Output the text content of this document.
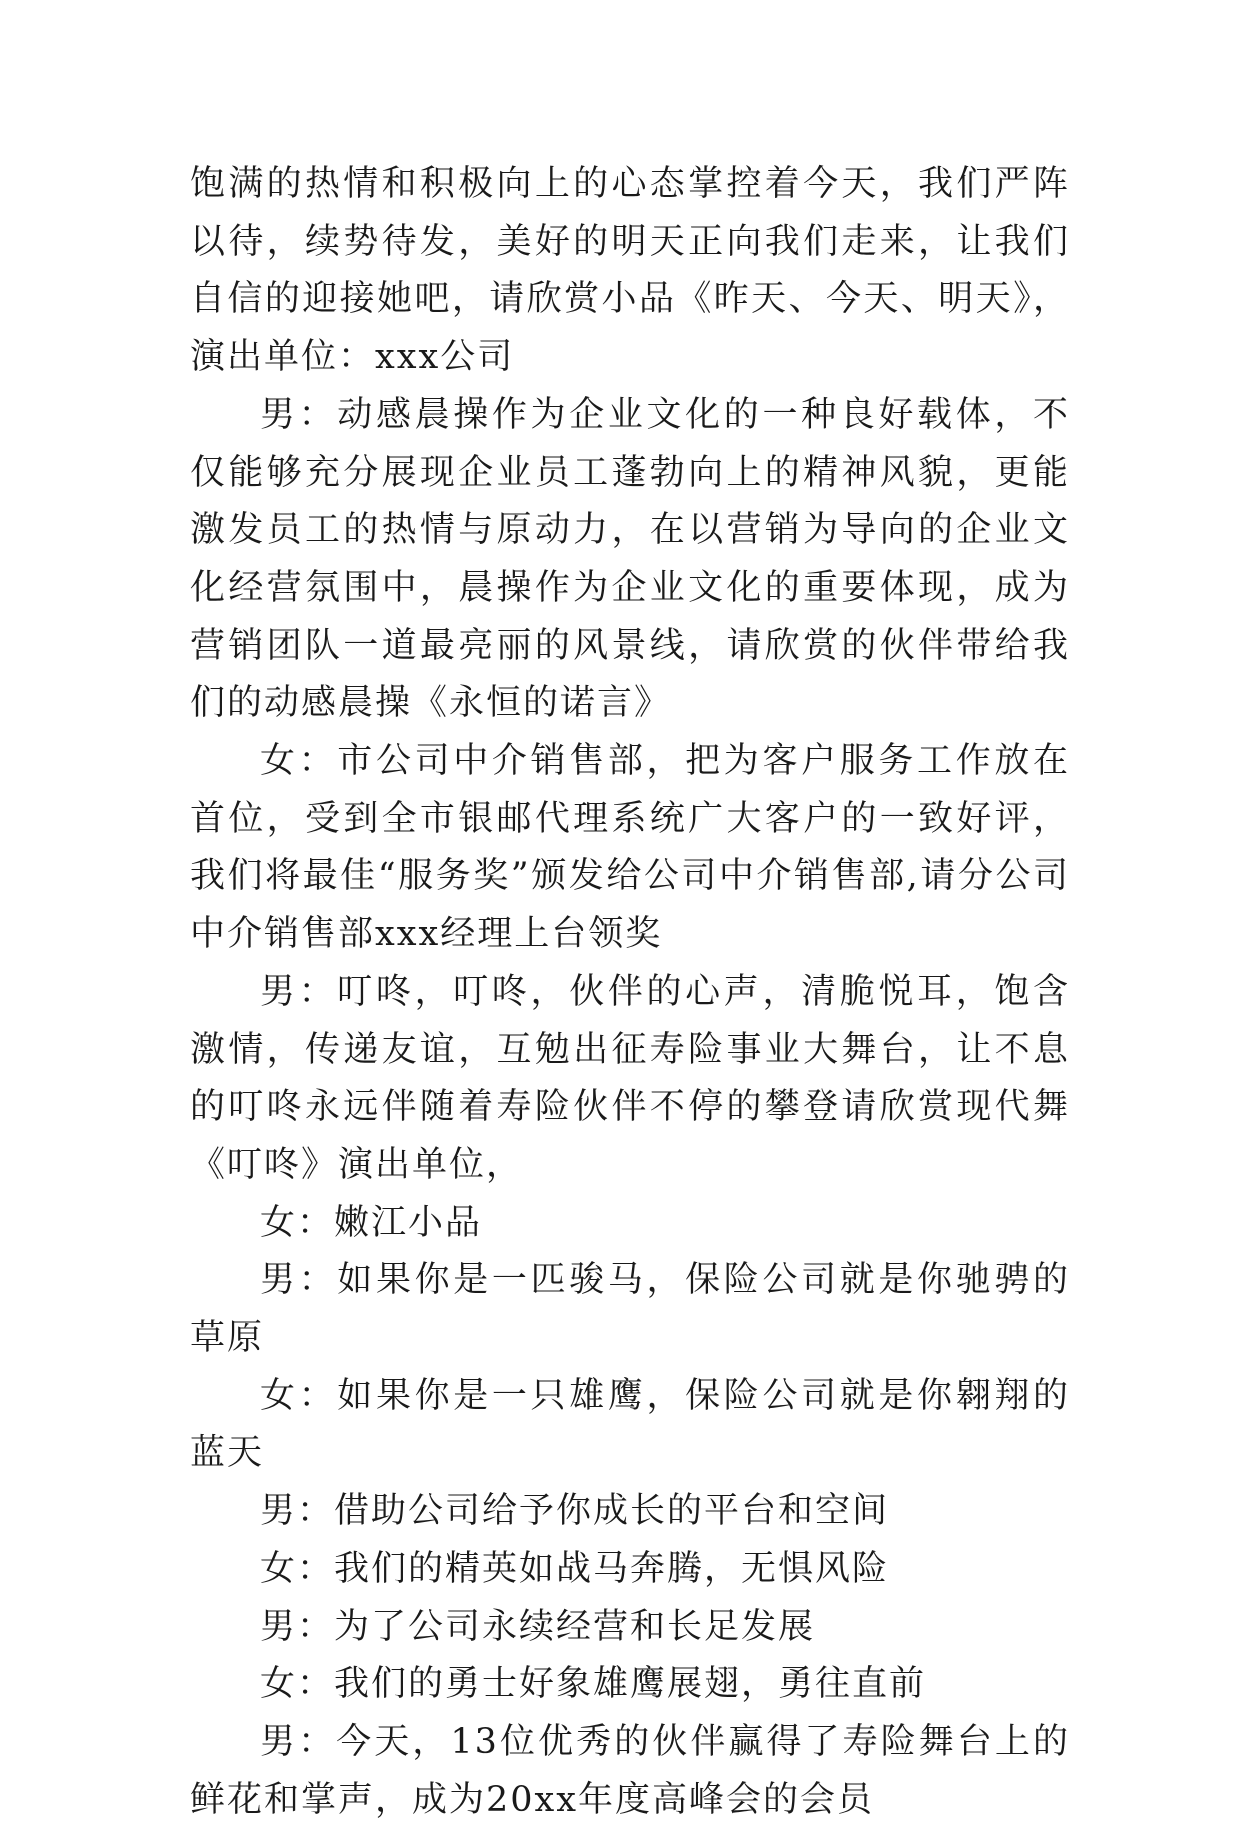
饱满的热情和积极向上的心态掌控着今天，我们严阵以待，续势待发，美好的明天正向我们走来，让我们自信的迎接她吧，请欣赏小品《昨天、今天、明天》，演出单位：xxx公司

男：动感晨操作为企业文化的一种良好载体，不仅能够充分展现企业员工蓬勃向上的精神风貌，更能激发员工的热情与原动力，在以营销为导向的企业文化经营氛围中，晨操作为企业文化的重要体现，成为营销团队一道最亮丽的风景线，请欣赏的伙伴带给我们的动感晨操《永恒的诺言》

女：市公司中介销售部，把为客户服务工作放在首位，受到全市银邮代理系统广大客户的一致好评，我们将最佳“服务奖”颁发给公司中介销售部,请分公司中介销售部xxx经理上台领奖

男：叮咚，叮咚，伙伴的心声，清脆悦耳，饱含激情，传递友谊，互勉出征寿险事业大舞台，让不息的叮咚永远伴随着寿险伙伴不停的攀登请欣赏现代舞《叮咚》演出单位，

女：嫩江小品

男：如果你是一匹骏马，保险公司就是你驰骋的草原

女：如果你是一只雄鹰，保险公司就是你翱翔的蓝天

男：借助公司给予你成长的平台和空间

女：我们的精英如战马奔腾，无惧风险

男：为了公司永续经营和长足发展

女：我们的勇士好象雄鹰展翅，勇往直前

男：今天，13位优秀的伙伴赢得了寿险舞台上的鲜花和掌声，成为20xx年度高峰会的会员
